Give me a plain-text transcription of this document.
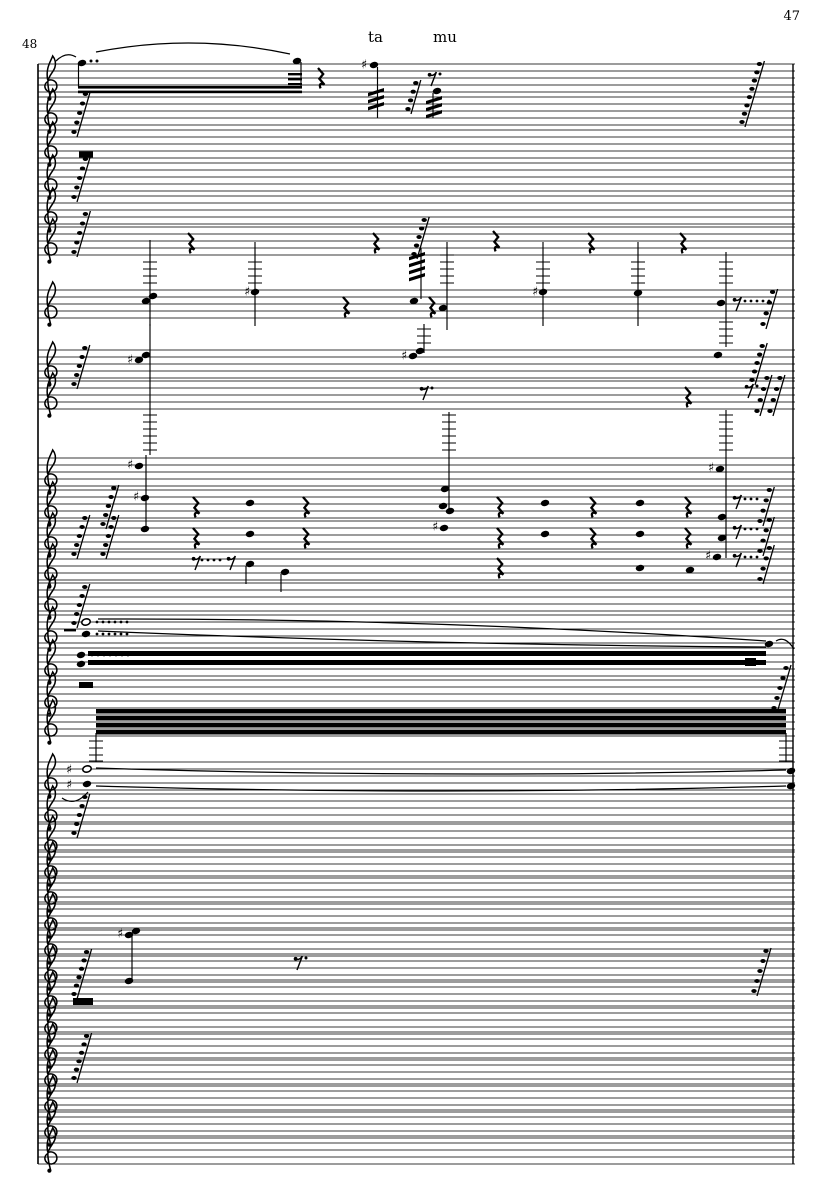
♯
♯	♯
♯	♯
♯	♯
♯
♯
♯
♯
♯
♯
47
48	ta	mu
